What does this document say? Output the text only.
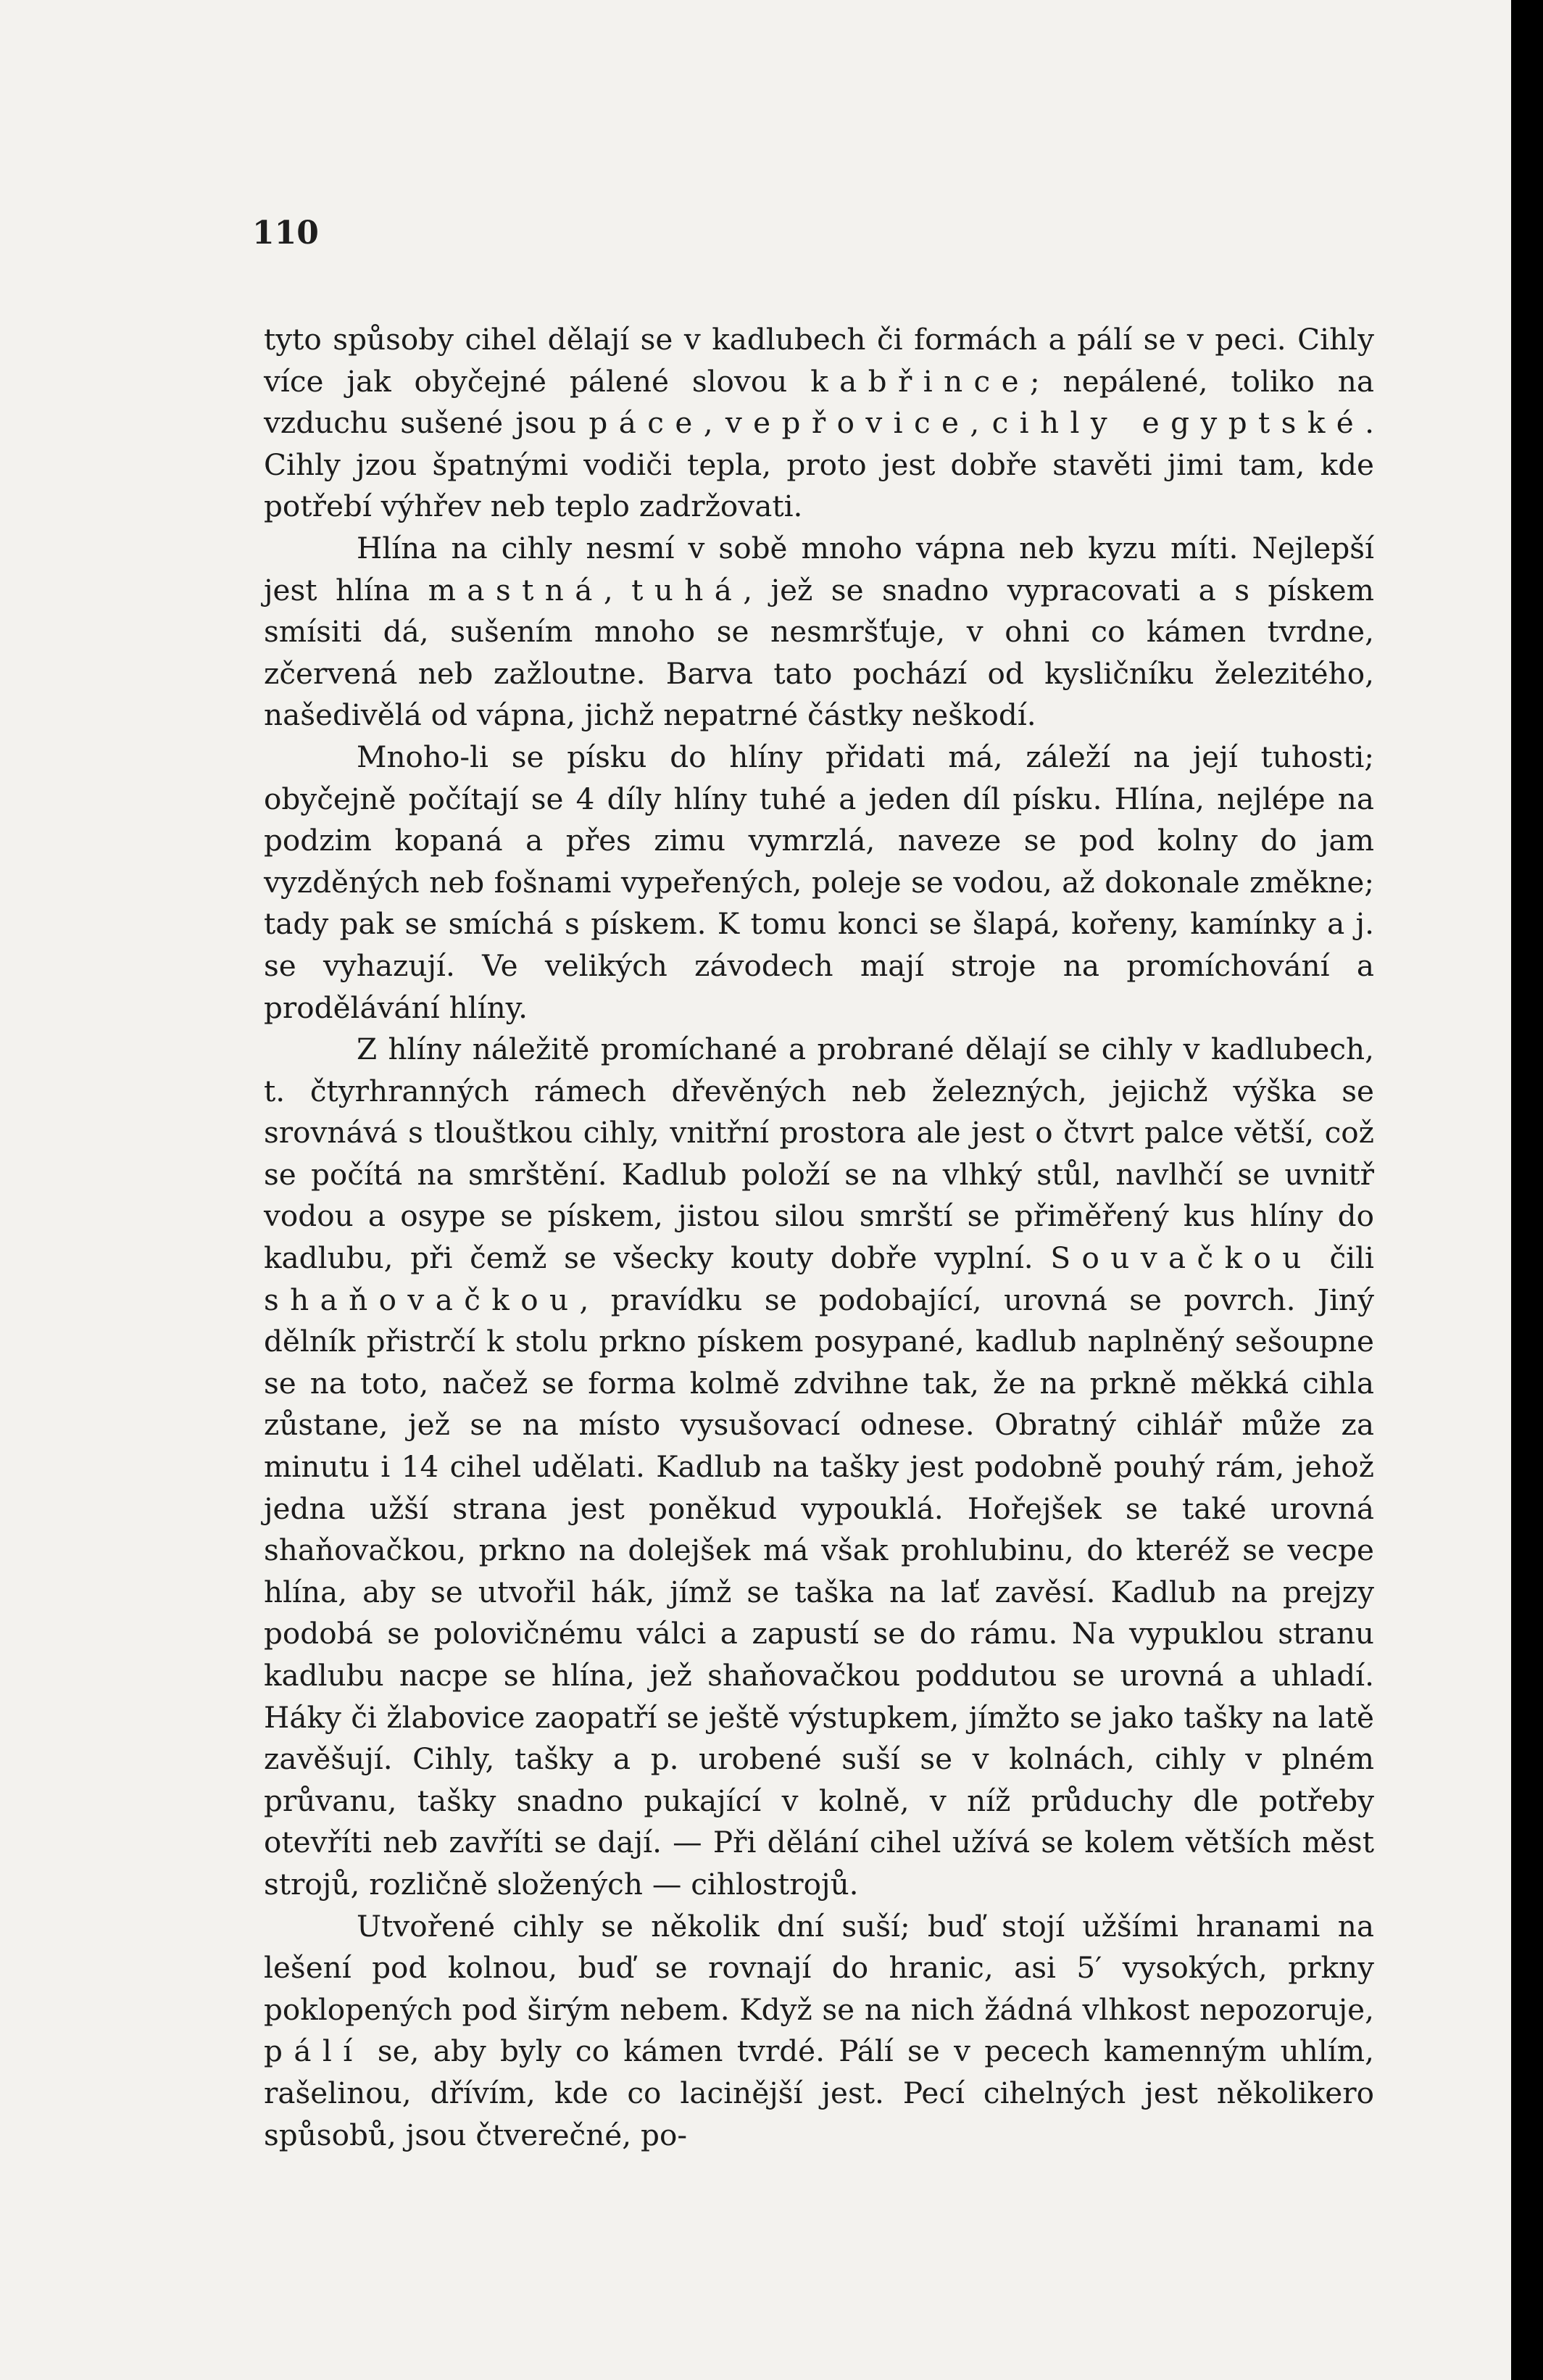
110

tyto spůsoby cihel dělají se v kadlubech či formách a pálí se v peci. Cihly více jak obyčejné pálené slovou kabřince; nepálené, toliko na vzduchu sušené jsou páce, vepřovice, cihly egyptské. Cihly jzou špatnými vodiči tepla, proto jest dobře stavěti jimi tam, kde potřebí výhřev neb teplo zadržovati.

Hlína na cihly nesmí v sobě mnoho vápna neb kyzu míti. Nejlepší jest hlína mastná, tuhá, jež se snadno vypracovati a s pískem smísiti dá, sušením mnoho se nesmršťuje, v ohni co kámen tvrdne, zčervená neb zažloutne. Barva tato pochází od kysličníku železitého, našedivělá od vápna, jichž nepatrné částky neškodí.

Mnoho-li se písku do hlíny přidati má, záleží na její tuhosti; obyčejně počítají se 4 díly hlíny tuhé a jeden díl písku. Hlína, nejlépe na podzim kopaná a přes zimu vymrzlá, naveze se pod kolny do jam vyzděných neb fošnami vypeřených, poleje se vodou, až dokonale změkne; tady pak se smíchá s pískem. K tomu konci se šlapá, kořeny, kamínky a j. se vyhazují. Ve velikých závodech mají stroje na promíchování a prodělávání hlíny.

Z hlíny náležitě promíchané a probrané dělají se cihly v kadlubech, t. čtyrhranných rámech dřevěných neb železných, jejichž výška se srovnává s tlouštkou cihly, vnitřní prostora ale jest o čtvrt palce větší, což se počítá na smrštění. Kadlub položí se na vlhký stůl, navlhčí se uvnitř vodou a osype se pískem, jistou silou smrští se přiměřený kus hlíny do kadlubu, při čemž se všecky kouty dobře vyplní. Souvačkou čili shaňovačkou, pravídku se podobající, urovná se povrch. Jiný dělník přistrčí k stolu prkno pískem posypané, kadlub naplněný sešoupne se na toto, načež se forma kolmě zdvihne tak, že na prkně měkká cihla zůstane, jež se na místo vysušovací odnese. Obratný cihlář může za minutu i 14 cihel udělati. Kadlub na tašky jest podobně pouhý rám, jehož jedna užší strana jest poněkud vypouklá. Hořejšek se také urovná shaňovačkou, prkno na dolejšek má však prohlubinu, do kteréž se vecpe hlína, aby se utvořil hák, jímž se taška na lať zavěsí. Kadlub na prejzy podobá se polovičnému válci a zapustí se do rámu. Na vypuklou stranu kadlubu nacpe se hlína, jež shaňovačkou poddutou se urovná a uhladí. Háky či žlabovice zaopatří se ještě výstupkem, jímžto se jako tašky na latě zavěšují. Cihly, tašky a p. urobené suší se v kolnách, cihly v plném průvanu, tašky snadno pukající v kolně, v níž průduchy dle potřeby otevříti neb zavříti se dají. — Při dělání cihel užívá se kolem větších měst strojů, rozličně složených — cihlostrojů.

Utvořené cihly se několik dní suší; buď stojí užšími hranami na lešení pod kolnou, buď se rovnají do hranic, asi 5′ vysokých, prkny poklopených pod širým nebem. Když se na nich žádná vlhkost nepozoruje, pálí se, aby byly co kámen tvrdé. Pálí se v pecech kamenným uhlím, rašelinou, dřívím, kde co lacinější jest. Pecí cihelných jest několikero spůsobů, jsou čtverečné, po-
